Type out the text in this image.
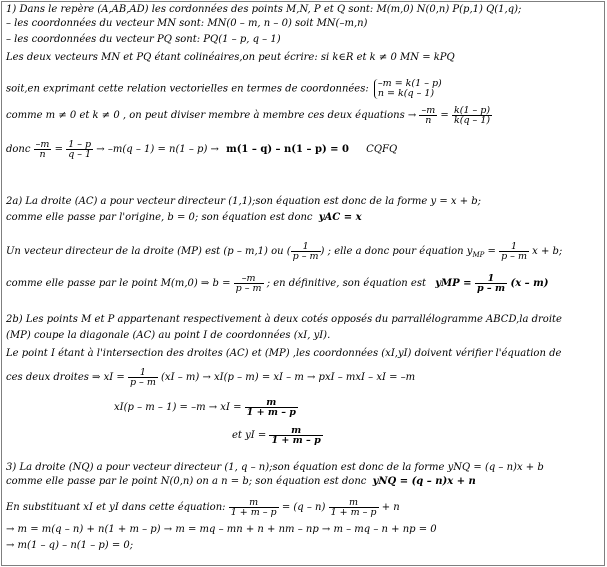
1) Dans le repère (A,AB,AD) les cordonnées des points M,N, P et Q sont: M(m,0) N(0,n) P(p,1) Q(1,q);
– les coordonnées du vecteur MN sont: MN(0 – m, n – 0) soit MN(–m,n)
– les coordonnées du vecteur PQ sont: PQ(1 – p, q – 1)
Les deux vecteurs MN et PQ étant colinéaires,on peut écrire: si k∈R et k ≠ 0 MN = kPQ
soit,en exprimant cette relation vectorielles en termes de coordonnées: –m = k(1 – p)
n = k(q – 1)
comme m ≠ 0 et k ≠ 0 , on peut diviser membre à membre ces deux équations → $\frac{-m}{n} = \frac{k(1 - p)}{k(q - 1)}$
donc $\frac{-m}{n} = \frac{1 - p}{q - 1} \to -m(q - 1) = n(1 - p) \to m(1 - q) - n(1 - p) = 0$ CQFQ
2a) La droite (AC) a pour vecteur directeur (1,1);son équation est donc de la forme y = x + b;
comme elle passe par l'origine, b = 0; son équation est donc yAC = x
Un vecteur directeur de la droite (MP) est (p – m,1) ou ( $\frac{1}{p - m}$ ) ; elle a donc pour équation $y_{MP} = \frac{1}{p - m}$ x + b;
comme elle passe par le point M(m,0) ⇒ $b = \frac{-m}{p - m}$ ; en définitive, son équation est yMP = $\frac{1}{p - m} (x - m)$
2b) Les points M et P appartenant respectivement à deux cotés opposés du parrallélogramme ABCD,la droite
(MP) coupe la diagonale (AC) au point I de coordonnées (xI, yI).
Le point I étant à l'intersection des droites (AC) et (MP) ,les coordonnées (xI,yI) doivent vérifier l'équation de
ces deux droites ⇒ xI = $\frac{1}{p - m} (xI - m) \to xI(p - m)$ = xI – m → pxI – mxI – xI = –m
xI(p – m – 1) = –m → xI = $\frac{m}{1 + m - p}$
et yI = $\frac{m}{1 + m - p}$
3) La droite (NQ) a pour vecteur directeur (1, q – n);son équation est donc de la forme yNQ = (q – n)x + b
comme elle passe par le point N(0,n) on a n = b; son équation est donc yNQ = (q – n)x + n
En substituant xI et yI dans cette équation: $\frac{m}{1 + m - p} = (q - n) \frac{m}{1 + m - p} + n$
→ m = m(q – n) + n(1 + m – p) → m = mq – mn + n + nm – np → m – mq – n + np = 0
→ m(1 – q) – n(1 – p) = 0;
